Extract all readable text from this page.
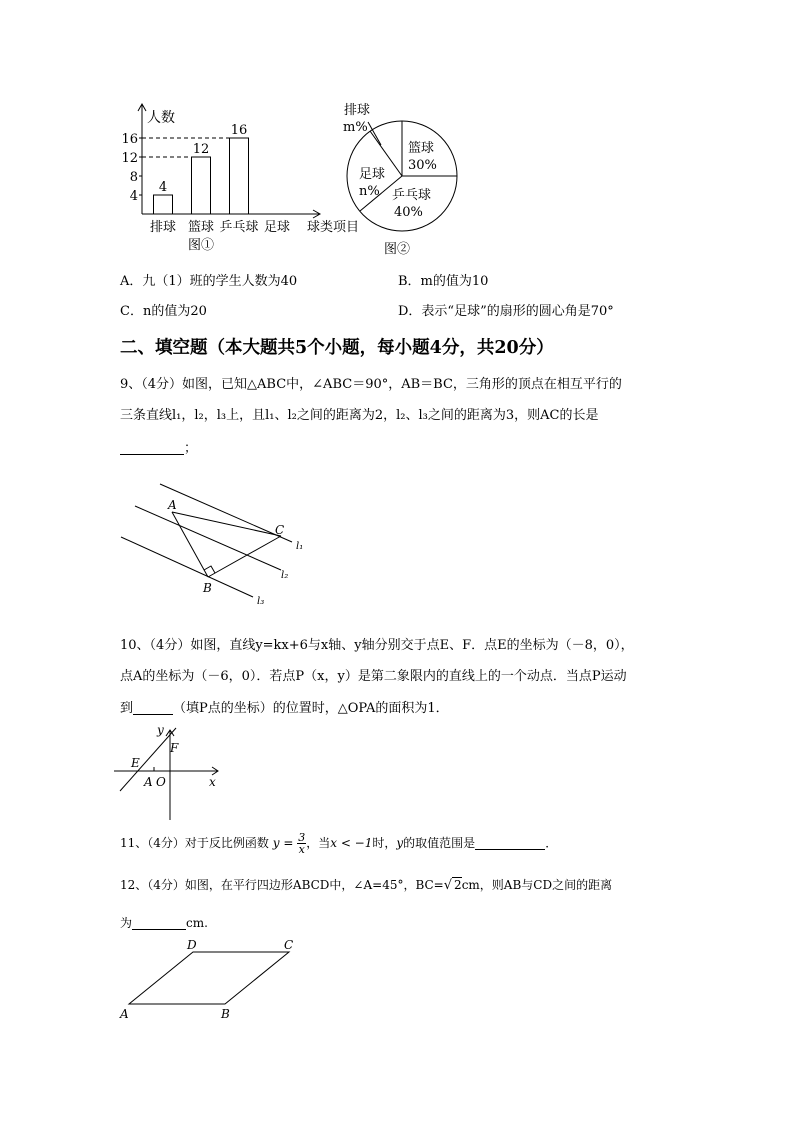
4
8
12
16
4
排球
12
篮球
16
乒乓球 足球
人数
球类项目
图①
排球
m%
篮球
30%
足球
n% 乒乓球
40%
图②
A．九（1）班的学生人数为40	B．m的值为10
C．n的值为20	D．表示“足球”的扇形的圆心角是70°
二、填空题（本大题共5个小题，每小题4分，共20分）
9、（4分）如图，已知△ABC中，∠ABC＝90°，AB＝BC，三角形的顶点在相互平行的
三条直线l₁，l₂，l₃上，且l₁、l₂之间的距离为2，l₂、l₃之间的距离为3，则AC的长是
；
A
B
C
l₁
l₂
l₃
10、（4分）如图，直线y=kx+6与x轴、y轴分别交于点E、F．点E的坐标为（－8，0），
点A的坐标为（－6，0）．若点P（x，y）是第二象限内的直线上的一个动点．当点P运动
到	（填P点的坐标）的位置时，△OPA的面积为1．
y
F
E
A O	x
11、（4分）对于反比例函数 $y = \frac{3}{x}$ ，当x < −1时，y的取值范围是	．
12、（4分）如图，在平行四边形ABCD中，∠A=45°，BC=√ 2cm，则AB与CD之间的距离
为	cm.
D	C
A	B
